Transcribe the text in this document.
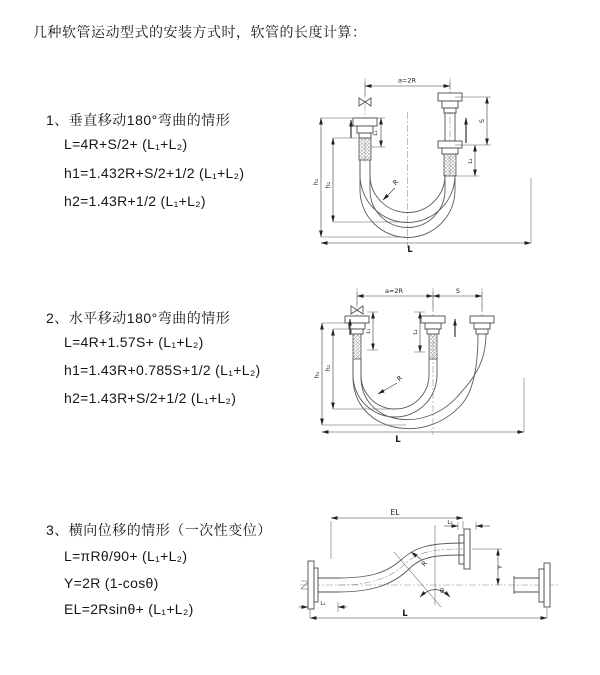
几种软管运动型式的安装方式时，软管的长度计算：
1、垂直移动180°弯曲的情形
L=4R+S/2+ (L₁+L₂)
h1=1.432R+S/2+1/2 (L₁+L₂)
h2=1.43R+1/2 (L₁+L₂)
2、水平移动180°弯曲的情形
L=4R+1.57S+ (L₁+L₂)
h1=1.43R+0.785S+1/2 (L₁+L₂)
h2=1.43R+S/2+1/2 (L₁+L₂)
3、横向位移的情形（一次性变位）
L=πRθ/90+ (L₁+L₂)
Y=2R (1-cosθ)
EL=2Rsinθ+ (L₁+L₂)
a=2R
h₁ h₂
L₁
S
L₂
R
L
a=2R	S
h₁
h₂
L₁	L₂
R
L
EL
L₂
Y
θ
R
L₁
L
